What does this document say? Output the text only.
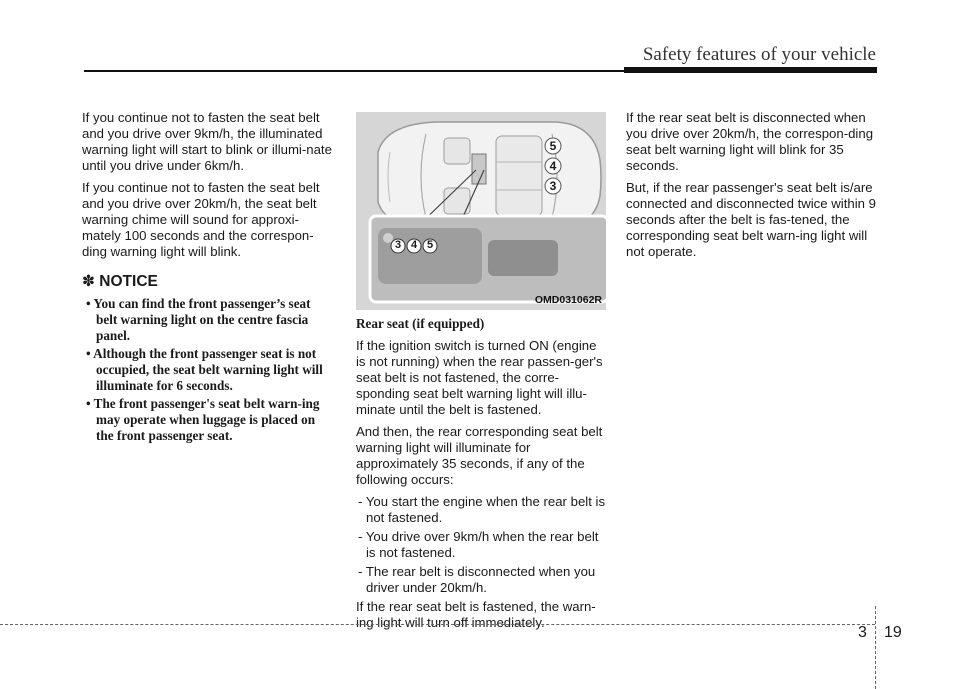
Safety features of your vehicle

If you continue not to fasten the seat belt and you drive over 9km/h, the illuminated warning light will start to blink or illumi-nate until you drive under 6km/h.

If you continue not to fasten the seat belt and you drive over 20km/h, the seat belt warning chime will sound for approxi-mately 100 seconds and the correspon-ding warning light will blink.

✽ NOTICE
• You can find the front passenger’s seat belt warning light on the centre fascia panel.
• Although the front passenger seat is not occupied, the seat belt warning light will illuminate for 6 seconds.
• The front passenger's seat belt warn-ing may operate when luggage is placed on the front passenger seat.
5
4
3
3 4 5
OMD031062R

Rear seat (if equipped)

If the ignition switch is turned ON (engine is not running) when the rear passen-ger's seat belt is not fastened, the corre-sponding seat belt warning light will illu-minate until the belt is fastened.

And then, the rear corresponding seat belt warning light will illuminate for approximately 35 seconds, if any of the following occurs:

- You start the engine when the rear belt is not fastened.

- You drive over 9km/h when the rear belt is not fastened.

- The rear belt is disconnected when you driver under 20km/h.

If the rear seat belt is fastened, the warn-ing light will turn off immediately.

If the rear seat belt is disconnected when you drive over 20km/h, the correspon-ding seat belt warning light will blink for 35 seconds.

But, if the rear passenger's seat belt is/are connected and disconnected twice within 9 seconds after the belt is fas-tened, the corresponding seat belt warn-ing light will not operate.

3 19
